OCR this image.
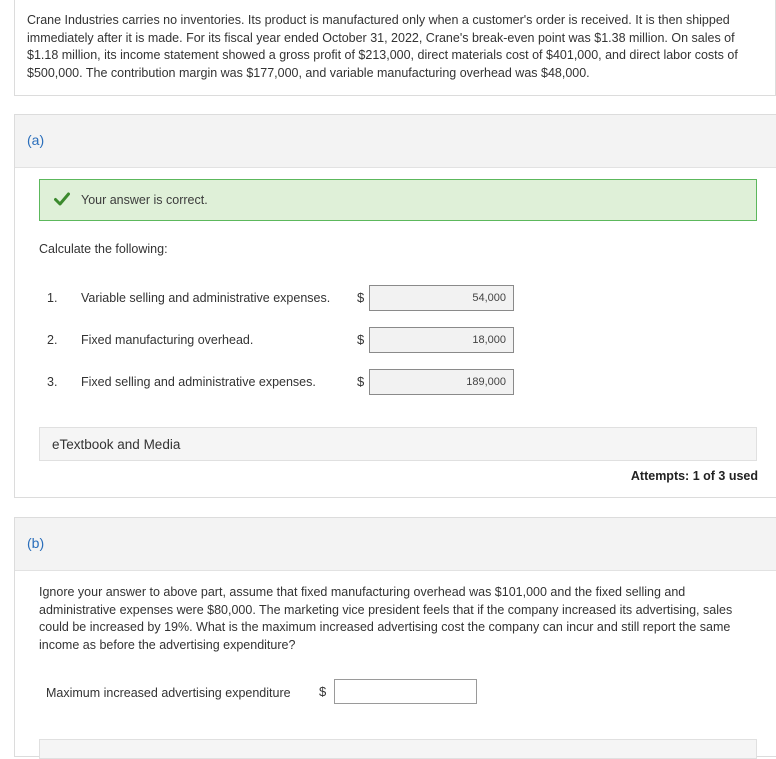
Crane Industries carries no inventories. Its product is manufactured only when a customer's order is received. It is then shipped immediately after it is made. For its fiscal year ended October 31, 2022, Crane's break-even point was $1.38 million. On sales of $1.18 million, its income statement showed a gross profit of $213,000, direct materials cost of $401,000, and direct labor costs of $500,000. The contribution margin was $177,000, and variable manufacturing overhead was $48,000.
(a)
Your answer is correct.
Calculate the following:
1. Variable selling and administrative expenses. $
54,000
2. Fixed manufacturing overhead.	$
18,000
3. Fixed selling and administrative expenses.	$
189,000
eTextbook and Media
Attempts: 1 of 3 used
(b)
Ignore your answer to above part, assume that fixed manufacturing overhead was $101,000 and the fixed selling and administrative expenses were $80,000. The marketing vice president feels that if the company increased its advertising, sales could be increased by 19%. What is the maximum increased advertising cost the company can incur and still report the same income as before the advertising expenditure?
Maximum increased advertising expenditure $
